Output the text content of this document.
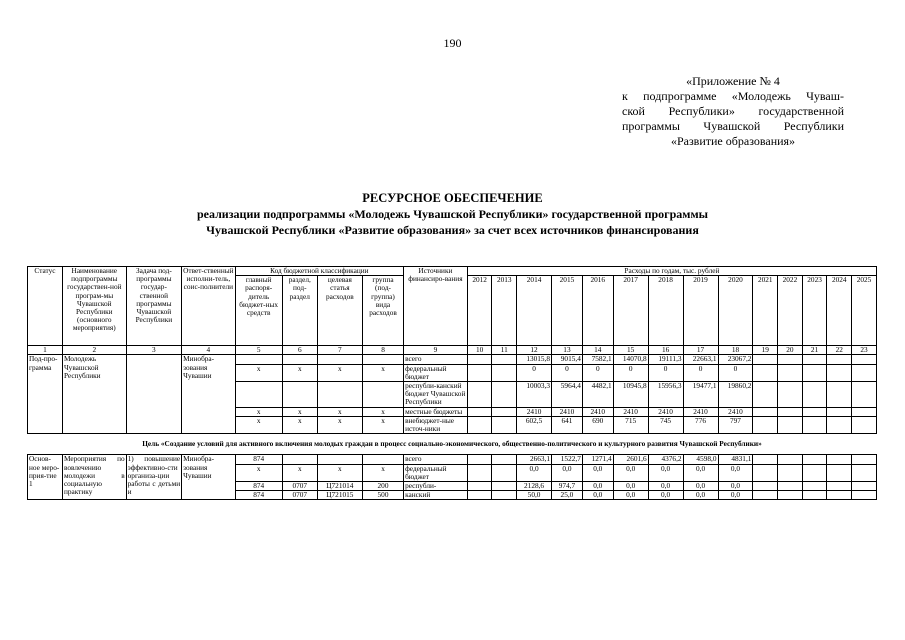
190
«Приложение № 4
к подпрограмме «Молодежь Чуваш-
ской Республики» государственной
программы Чувашской Республики
«Развитие образования»
РЕСУРСНОЕ ОБЕСПЕЧЕНИЕ
реализации подпрограммы «Молодежь Чувашской Республики» государственной программы
Чувашской Республики «Развитие образования» за счет всех источников финансирования
Статус	Наименование подпрограммы государствен-ной програм-мы Чувашской Республики (основного мероприятия)	Задача под-программы государ-ственной программы Чувашской Республики	Ответ-ственный исполни-тель, соис-полнители	Код бюджетной классификации				Источники финансиро-вания	Расходы по годам, тыс. рублей													
				главный распоря-дитель бюджет-ных средств	раздел, под-раздел	целевая статья расходов	группа (под-группа) вида расходов		2012	2013	2014	2015	2016	2017	2018	2019	2020	2021	2022	2023	2024	2025
1	2	3	4	5	6	7	8	9	10	11	12	13	14	15	16	17	18	19	20	21	22	23
Под-про-грамма	Молодежь Чувашской Республики		Минобра-зования Чувашии					всего			13015,8	9015,4	7582,1	14070,8	19111,3	22663,1	23067,2					
				x	x	x	x	федеральный бюджет			0	0	0	0	0	0	0					
								республи-канский бюджет Чувашской Республики			10003,3	5964,4	4482,1	10945,8	15956,3	19477,1	19860,2					
				x	x	x	x	местные бюджеты			2410	2410	2410	2410	2410	2410	2410					
				x	x	x	x	внебюджет-ные источ-ники			602,5	641	690	715	745	776	797					
Цель «Создание условий для активного включения молодых граждан в процесс социально-экономического, общественно-политического и культурного развития Чувашской Республики»																						
Основ-ное меро-прия-тие 1	Мероприятия по вовлечению молодежи в социальную практику	1) повышение эффективно-сти организа-ции работы с детьми и	Минобра-зования Чувашии	874				всего			2663,1	1522,7	1271,4	2601,6	4376,2	4598,0	4831,1					
				x	x	x	x	федеральный бюджет			0,0	0,0	0,0	0,0	0,0	0,0	0,0					
				874	0707	Ц721014	200	республи-			2128,6	974,7	0,0	0,0	0,0	0,0	0,0					
				874	0707	Ц721015	500	канский			50,0	25,0	0,0	0,0	0,0	0,0	0,0					
